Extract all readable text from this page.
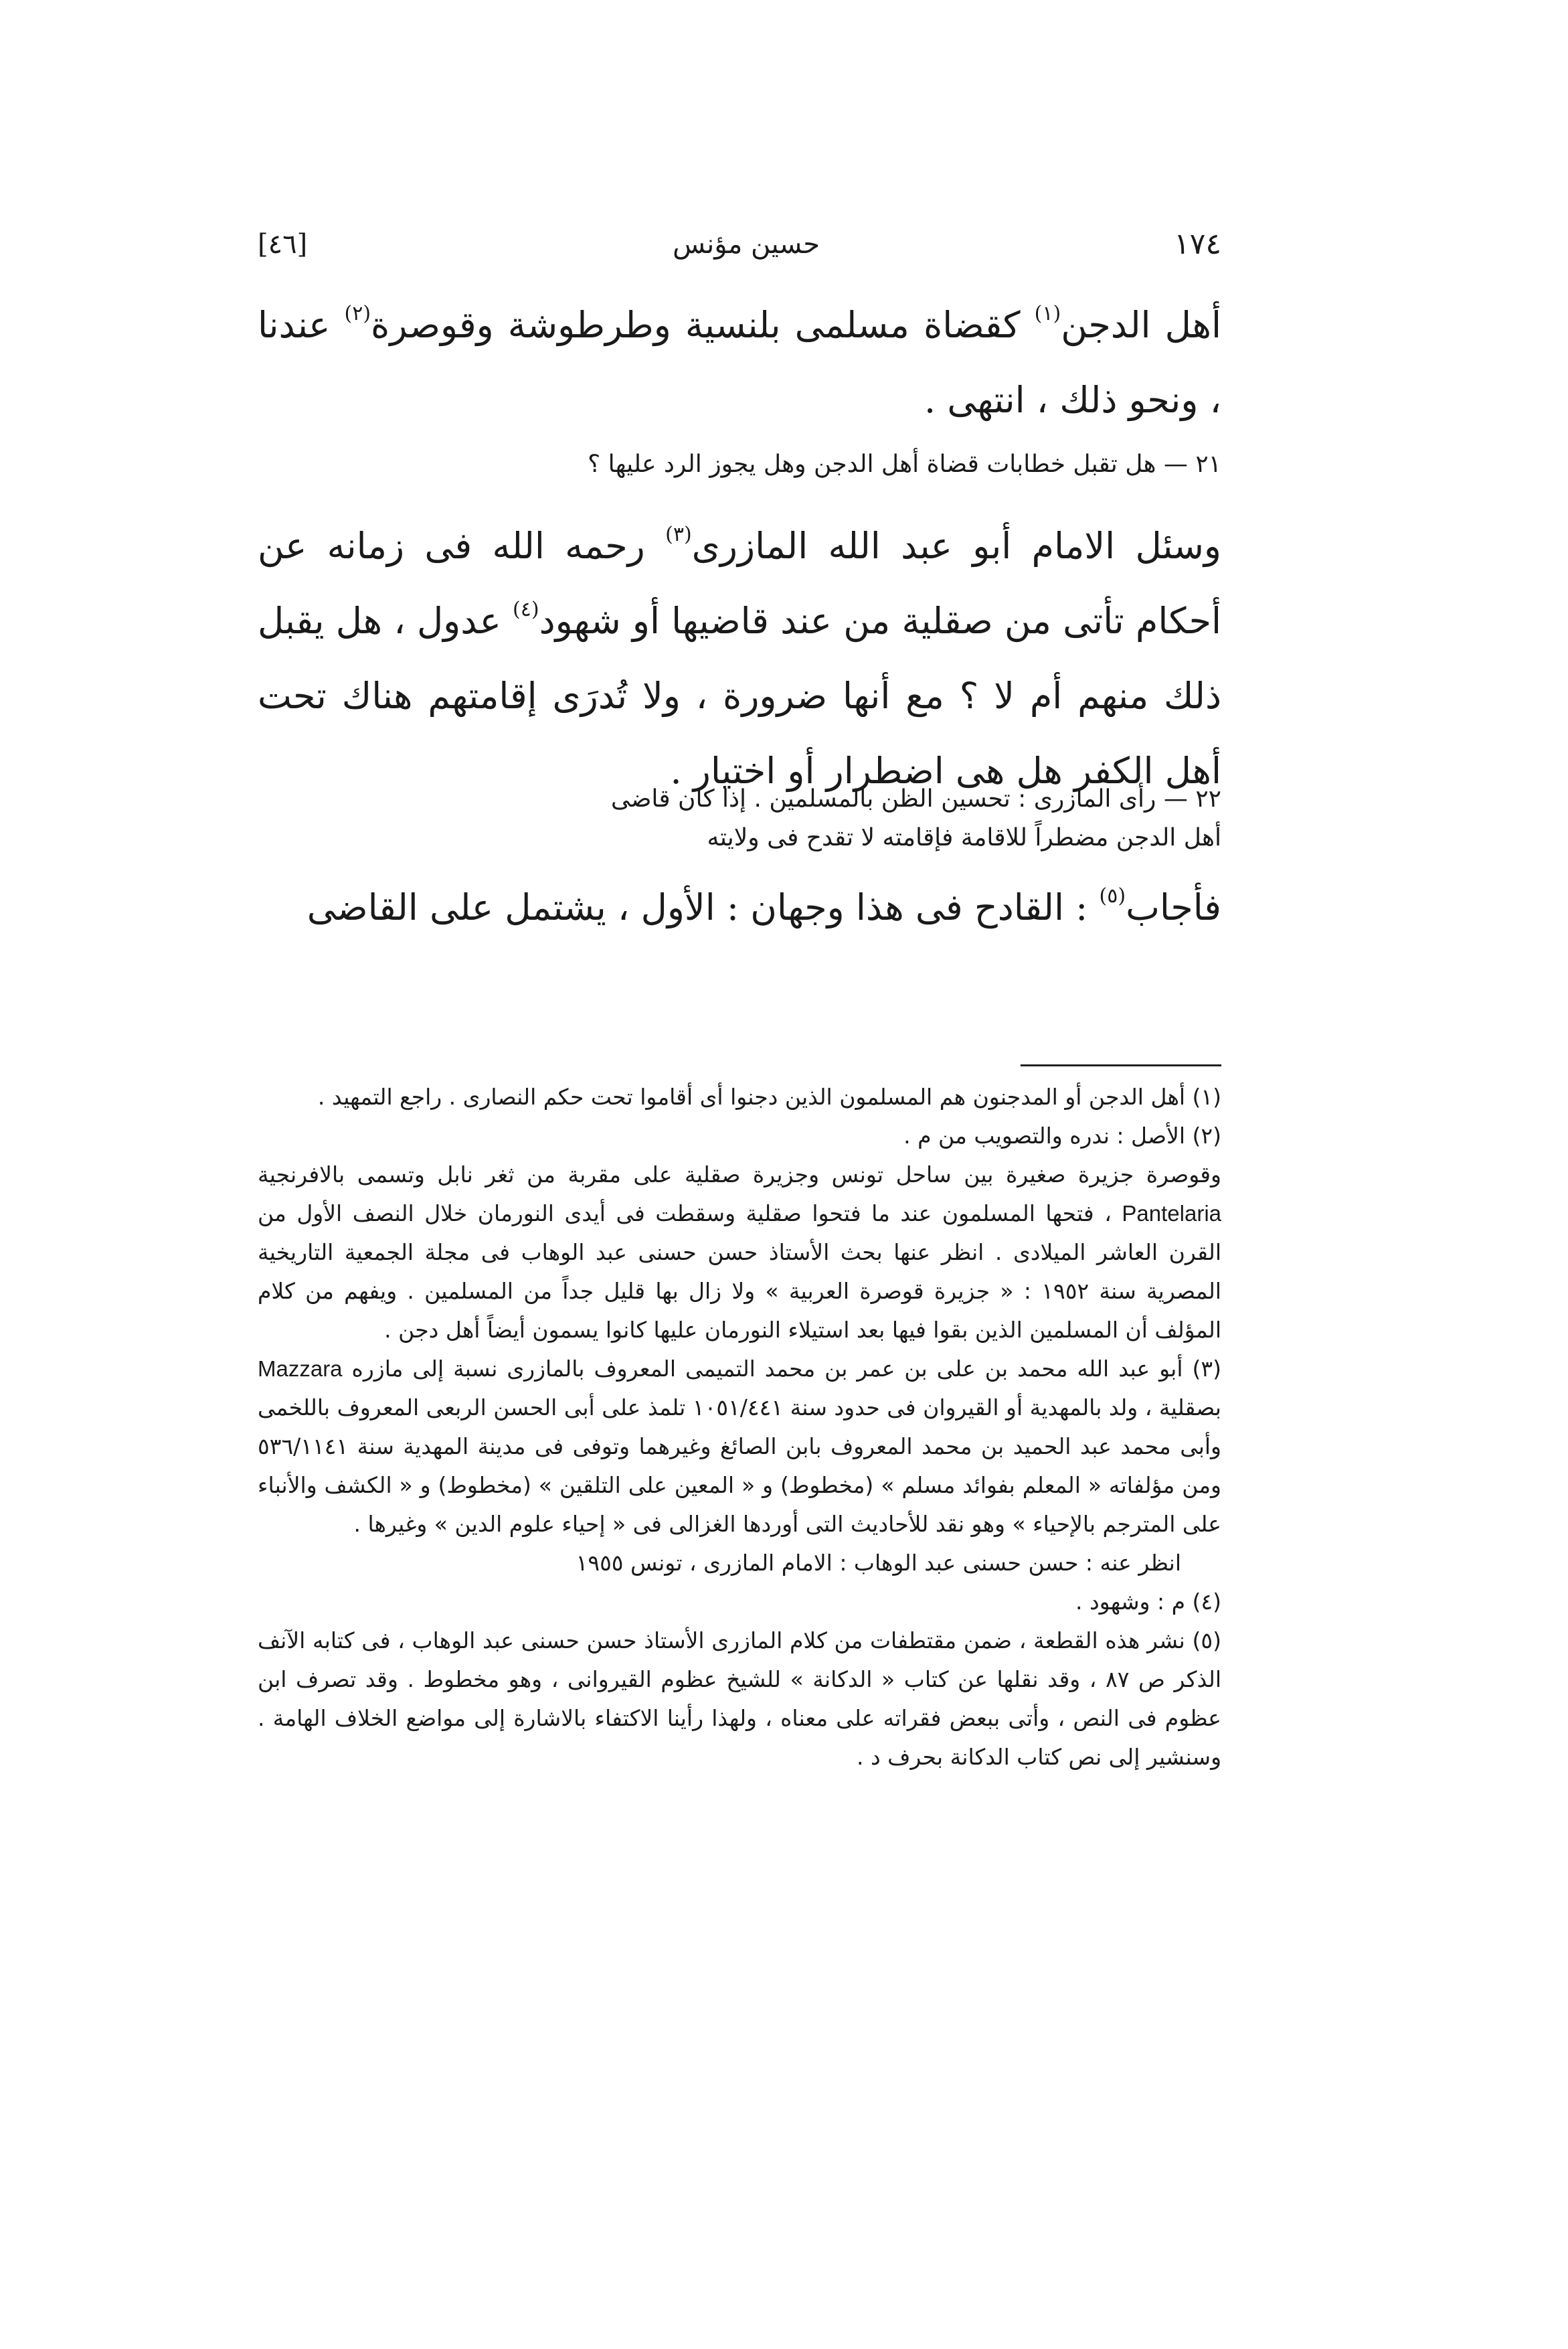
١٧٤
حسين مؤنس
[٤٦]
أهل الدجن$^{(١)}$ كقضاة مسلمى بلنسية وطرطوشة وقوصرة$^{(٢)}$ عندنا ، ونحو ذلك ، انتهى .
٢١ — هل تقبل خطابات قضاة أهل الدجن وهل يجوز الرد عليها ؟
وسئل الامام أبو عبد الله المازرى$^{(٣)}$ رحمه الله فى زمانه عن أحكام تأتى من صقلية من عند قاضيها أو شهود$^{(٤)}$ عدول ، هل يقبل ذلك منهم أم لا ؟ مع أنها ضرورة ، ولا تُدرَى إقامتهم هناك تحت أهل الكفر هل هى اضطرار أو اختيار .
٢٢ — رأى المازرى : تحسين الظن بالمسلمين . إذا كان قاضى
أهل الدجن مضطراً للاقامة فإقامته لا تقدح فى ولايته
فأجاب$^{(٥)}$ : القادح فى هذا وجهان : الأول ، يشتمل على القاضى

(١) أهل الدجن أو المدجنون هم المسلمون الذين دجنوا أى أقاموا تحت حكم النصارى . راجع التمهيد .

(٢) الأصل : ندره والتصويب من م .

وقوصرة جزيرة صغيرة بين ساحل تونس وجزيرة صقلية على مقربة من ثغر نابل وتسمى بالافرنجية Pantelaria ، فتحها المسلمون عند ما فتحوا صقلية وسقطت فى أيدى النورمان خلال النصف الأول من القرن العاشر الميلادى . انظر عنها بحث الأستاذ حسن حسنى عبد الوهاب فى مجلة الجمعية التاريخية المصرية سنة ١٩٥٢ : « جزيرة قوصرة العربية » ولا زال بها قليل جداً من المسلمين . ويفهم من كلام المؤلف أن المسلمين الذين بقوا فيها بعد استيلاء النورمان عليها كانوا يسمون أيضاً أهل دجن .

(٣) أبو عبد الله محمد بن على بن عمر بن محمد التميمى المعروف بالمازرى نسبة إلى مازره Mazzara بصقلية ، ولد بالمهدية أو القيروان فى حدود سنة ١٠٥١/٤٤١ تلمذ على أبى الحسن الربعى المعروف باللخمى وأبى محمد عبد الحميد بن محمد المعروف بابن الصائغ وغيرهما وتوفى فى مدينة المهدية سنة ٥٣٦/١١٤١ ومن مؤلفاته « المعلم بفوائد مسلم » (مخطوط) و « المعين على التلقين » (مخطوط) و « الكشف والأنباء على المترجم بالإحياء » وهو نقد للأحاديث التى أوردها الغزالى فى « إحياء علوم الدين » وغيرها .

انظر عنه : حسن حسنى عبد الوهاب : الامام المازرى ، تونس ١٩٥٥

(٤) م : وشهود .

(٥) نشر هذه القطعة ، ضمن مقتطفات من كلام المازرى الأستاذ حسن حسنى عبد الوهاب ، فى كتابه الآنف الذكر ص ٨٧ ، وقد نقلها عن كتاب « الدكانة » للشيخ عظوم القيروانى ، وهو مخطوط . وقد تصرف ابن عظوم فى النص ، وأتى ببعض فقراته على معناه ، ولهذا رأينا الاكتفاء بالاشارة إلى مواضع الخلاف الهامة . وسنشير إلى نص كتاب الدكانة بحرف د .
